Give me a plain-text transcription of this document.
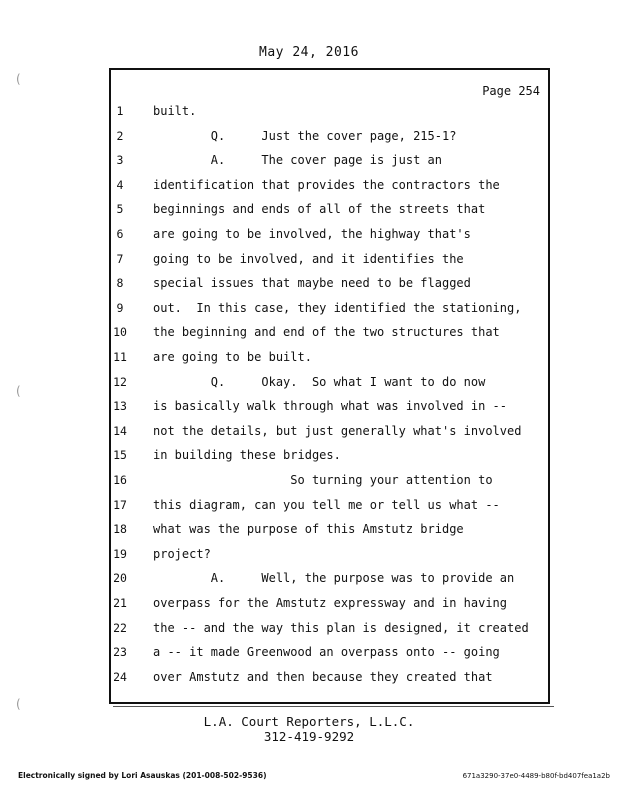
May 24, 2016
Page 254
1	built.
2	Q.     Just the cover page, 215-1?
3	A.     The cover page is just an
4	identification that provides the contractors the
5	beginnings and ends of all of the streets that
6	are going to be involved, the highway that's
7	going to be involved, and it identifies the
8	special issues that maybe need to be flagged
9	out.  In this case, they identified the stationing,
10	the beginning and end of the two structures that
11	are going to be built.
12	Q.     Okay.  So what I want to do now
13	is basically walk through what was involved in --
14	not the details, but just generally what's involved
15	in building these bridges.
16	So turning your attention to
17	this diagram, can you tell me or tell us what --
18	what was the purpose of this Amstutz bridge
19	project?
20	A.     Well, the purpose was to provide an
21	overpass for the Amstutz expressway and in having
22	the -- and the way this plan is designed, it created
23	a -- it made Greenwood an overpass onto -- going
24	over Amstutz and then because they created that
(
(
(
L.A. Court Reporters, L.L.C.
312-419-9292
Electronically signed by Lori Asauskas (201-008-502-9536)	671a3290-37e0-4489-b80f-bd407fea1a2b
